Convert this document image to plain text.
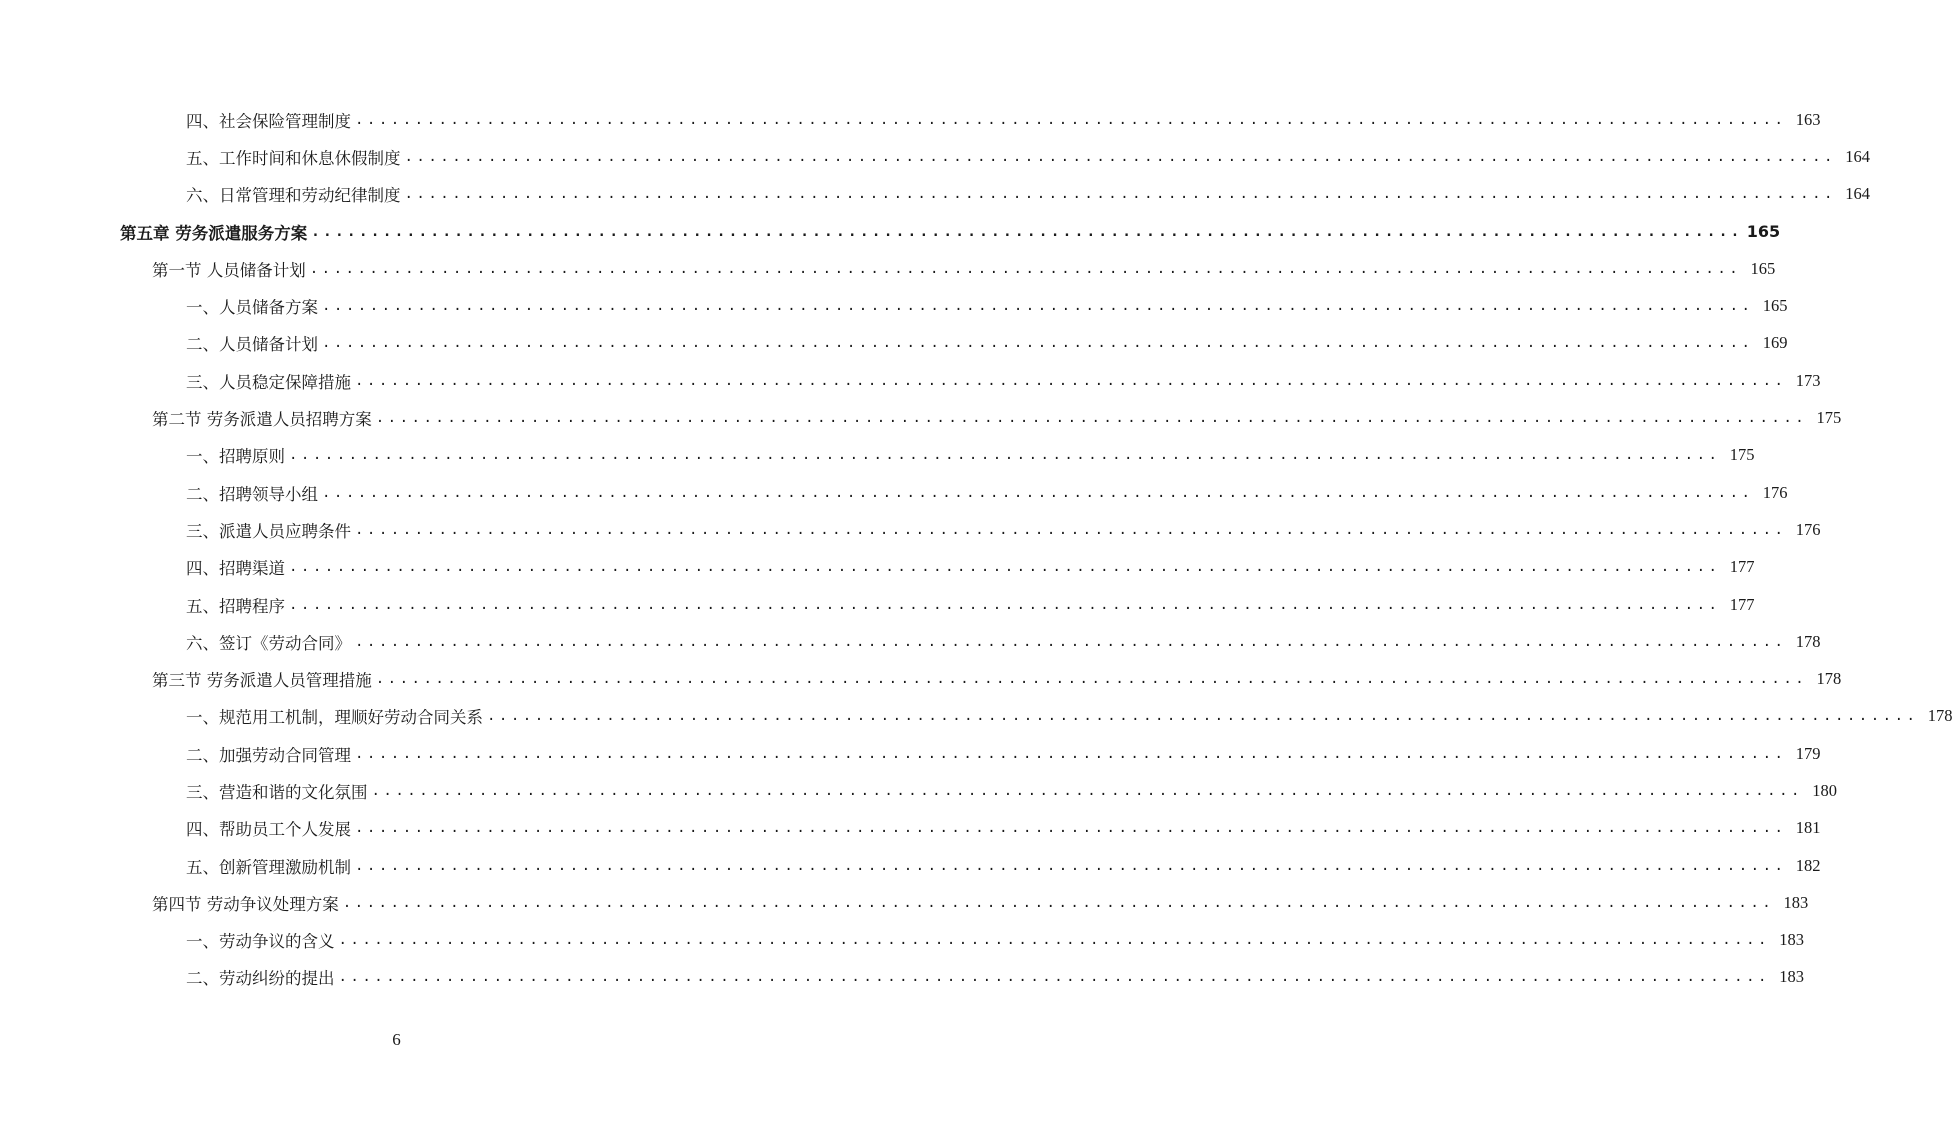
四、社会保险管理制度 ........................................................................................................................ 163
五、工作时间和休息休假制度 ........................................................................................................................ 164
六、日常管理和劳动纪律制度 ........................................................................................................................ 164
第五章 劳务派遣服务方案 ........................................................................................................................ 165
第一节 人员储备计划 ........................................................................................................................ 165
一、人员储备方案 ........................................................................................................................ 165
二、人员储备计划 ........................................................................................................................ 169
三、人员稳定保障措施 ........................................................................................................................ 173
第二节 劳务派遣人员招聘方案 ........................................................................................................................ 175
一、招聘原则 ........................................................................................................................ 175
二、招聘领导小组 ........................................................................................................................ 176
三、派遣人员应聘条件 ........................................................................................................................ 176
四、招聘渠道 ........................................................................................................................ 177
五、招聘程序 ........................................................................................................................ 177
六、签订《劳动合同》 ........................................................................................................................ 178
第三节 劳务派遣人员管理措施 ........................................................................................................................ 178
一、规范用工机制，理顺好劳动合同关系 ........................................................................................................................ 178
二、加强劳动合同管理 ........................................................................................................................ 179
三、营造和谐的文化氛围 ........................................................................................................................ 180
四、帮助员工个人发展 ........................................................................................................................ 181
五、创新管理激励机制 ........................................................................................................................ 182
第四节 劳动争议处理方案 ........................................................................................................................ 183
一、劳动争议的含义 ........................................................................................................................ 183
二、劳动纠纷的提出 ........................................................................................................................ 183
6
